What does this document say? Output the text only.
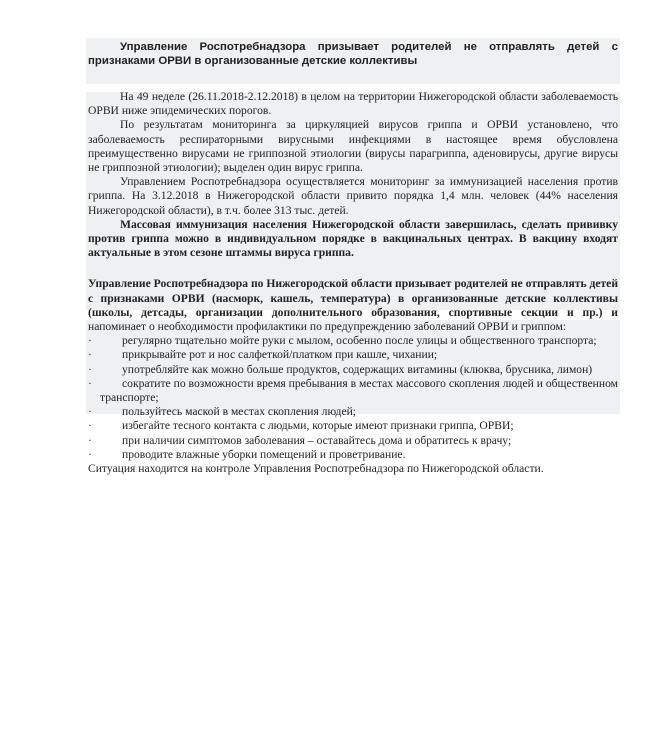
Управление Роспотребнадзора призывает родителей не отправлять детей с признаками ОРВИ в организованные детские коллективы

На 49 неделе (26.11.2018-2.12.2018) в целом на территории Нижегородской области заболеваемость ОРВИ ниже эпидемических порогов.

По результатам мониторинга за циркуляцией вирусов гриппа и ОРВИ установлено, что заболеваемость респираторными вирусными инфекциями в настоящее время обусловлена преимущественно вирусами не гриппозной этиологии (вирусы парагриппа, аденовирусы, другие вирусы не гриппозной этиологии); выделен один вирус гриппа.

Управлением Роспотребнадзора осуществляется мониторинг за иммунизацией населения против гриппа. На 3.12.2018 в Нижегородской области привито порядка 1,4 млн. человек (44% населения Нижегородской области), в т.ч. более 313 тыс. детей.

Массовая иммунизация населения Нижегородской области завершилась, сделать прививку против гриппа можно в индивидуальном порядке в вакцинальных центрах. В вакцину входят актуальные в этом сезоне штаммы вируса гриппа.

Управление Роспотребнадзора по Нижегородской области призывает родителей не отправлять детей с признаками ОРВИ (насморк, кашель, температура) в организованные детские коллективы (школы, детсады, организации дополнительного образования, спортивные секции и пр.) и напоминает о необходимости профилактики по предупреждению заболеваний ОРВИ и гриппом:

·	регулярно тщательно мойте руки с мылом, особенно после улицы и общественного транспорта;
·	прикрывайте рот и нос салфеткой/платком при кашле, чихании;
·	употребляйте как можно больше продуктов, содержащих витамины (клюква, брусника, лимон)
·	сократите по возможности время пребывания в местах массового скопления людей и общественном транспорте;
·	пользуйтесь маской в местах скопления людей;
·	избегайте тесного контакта с людьми, которые имеют признаки гриппа, ОРВИ;
·	при наличии симптомов заболевания – оставайтесь дома и обратитесь к врачу;
·	проводите влажные уборки помещений и проветривание.

Ситуация находится на контроле Управления Роспотребнадзора по Нижегородской области.
